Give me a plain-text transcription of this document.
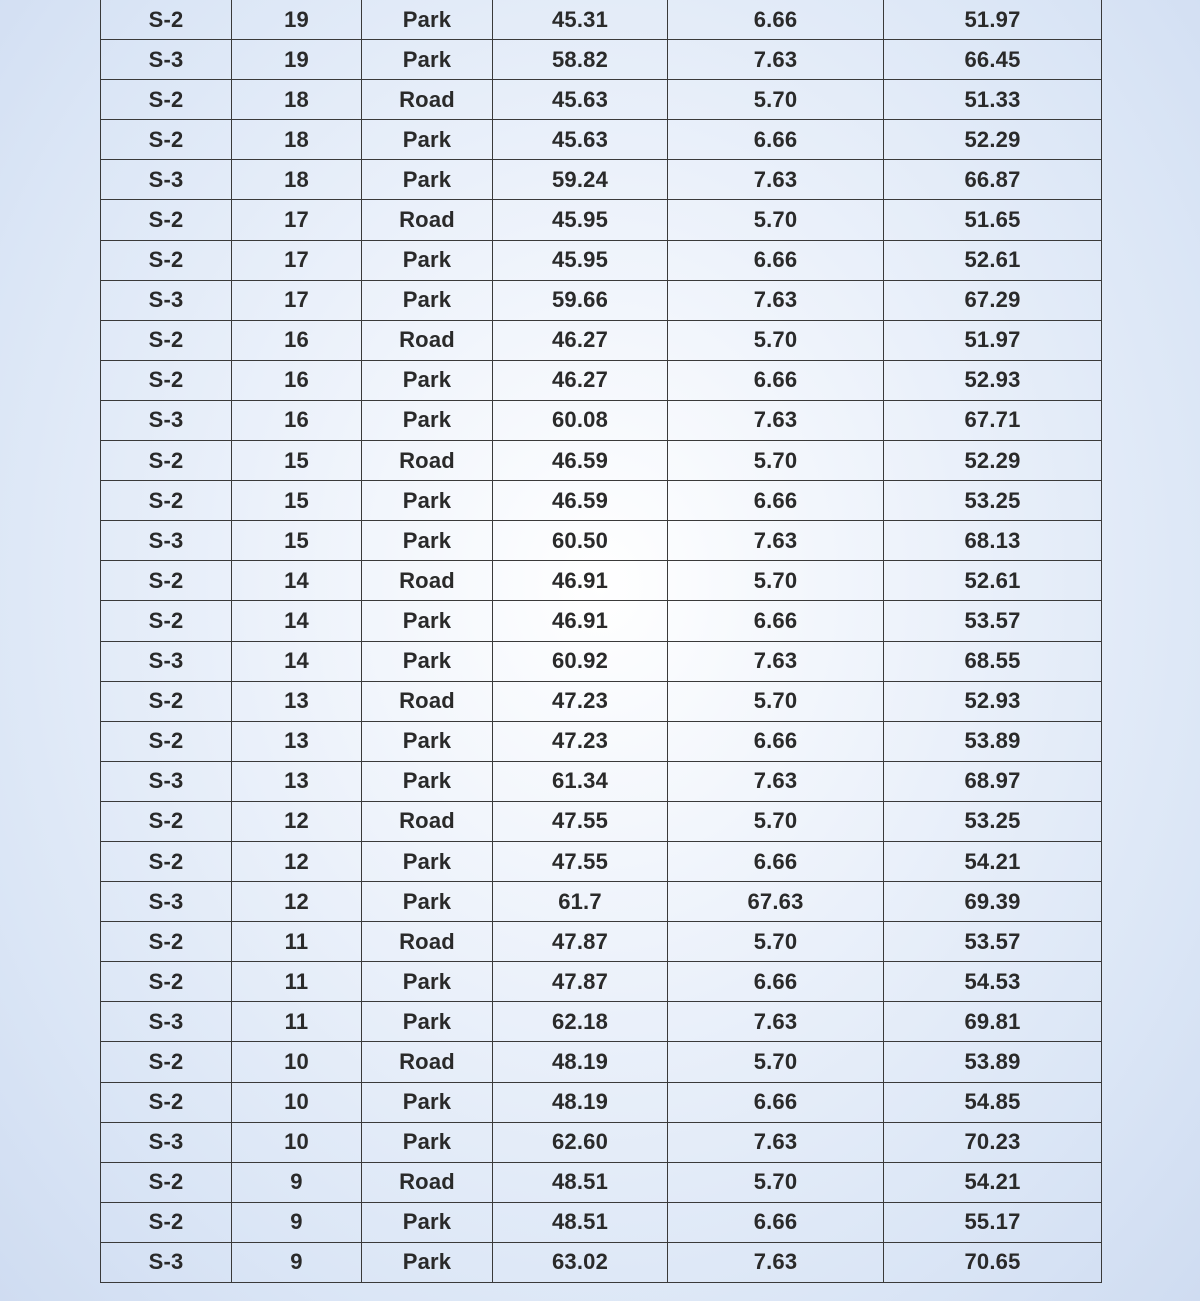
S-2	19	Park	45.31	6.66	51.97
S-3	19	Park	58.82	7.63	66.45
S-2	18	Road	45.63	5.70	51.33
S-2	18	Park	45.63	6.66	52.29
S-3	18	Park	59.24	7.63	66.87
S-2	17	Road	45.95	5.70	51.65
S-2	17	Park	45.95	6.66	52.61
S-3	17	Park	59.66	7.63	67.29
S-2	16	Road	46.27	5.70	51.97
S-2	16	Park	46.27	6.66	52.93
S-3	16	Park	60.08	7.63	67.71
S-2	15	Road	46.59	5.70	52.29
S-2	15	Park	46.59	6.66	53.25
S-3	15	Park	60.50	7.63	68.13
S-2	14	Road	46.91	5.70	52.61
S-2	14	Park	46.91	6.66	53.57
S-3	14	Park	60.92	7.63	68.55
S-2	13	Road	47.23	5.70	52.93
S-2	13	Park	47.23	6.66	53.89
S-3	13	Park	61.34	7.63	68.97
S-2	12	Road	47.55	5.70	53.25
S-2	12	Park	47.55	6.66	54.21
S-3	12	Park	61.7	67.63	69.39
S-2	11	Road	47.87	5.70	53.57
S-2	11	Park	47.87	6.66	54.53
S-3	11	Park	62.18	7.63	69.81
S-2	10	Road	48.19	5.70	53.89
S-2	10	Park	48.19	6.66	54.85
S-3	10	Park	62.60	7.63	70.23
S-2	9	Road	48.51	5.70	54.21
S-2	9	Park	48.51	6.66	55.17
S-3	9	Park	63.02	7.63	70.65
